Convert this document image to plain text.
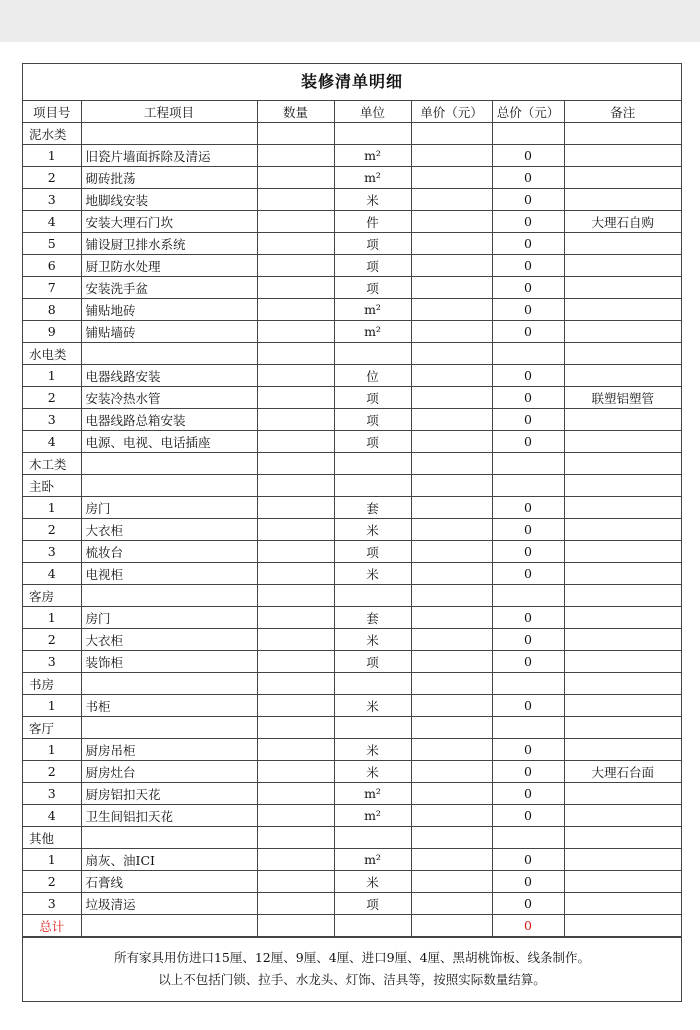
装修清单明细
项目号	工程项目	数量	单位	单价（元）	总价（元）	备注
泥水类						
1	旧瓷片墙面拆除及清运		m²		0	
2	砌砖批荡		m²		0	
3	地脚线安装		米		0	
4	安装大理石门坎		件		0	大理石自购
5	铺设厨卫排水系统		项		0	
6	厨卫防水处理		项		0	
7	安装洗手盆		项		0	
8	铺贴地砖		m²		0	
9	铺贴墙砖		m²		0	
水电类						
1	电器线路安装		位		0	
2	安装冷热水管		项		0	联塑铝塑管
3	电器线路总箱安装		项		0	
4	电源、电视、电话插座		项		0	
木工类						
主卧						
1	房门		套		0	
2	大衣柜		米		0	
3	梳妆台		项		0	
4	电视柜		米		0	
客房						
1	房门		套		0	
2	大衣柜		米		0	
3	装饰柜		项		0	
书房						
1	书柜		米		0	
客厅						
1	厨房吊柜		米		0	
2	厨房灶台		米		0	大理石台面
3	厨房铝扣天花		m²		0	
4	卫生间铝扣天花		m²		0	
其他						
1	扇灰、油ICI		m²		0	
2	石膏线		米		0	
3	垃圾清运		项		0	
总计					0	
所有家具用仿进口15厘、12厘、9厘、4厘、进口9厘、4厘、黑胡桃饰板、线条制作。
以上不包括门锁、拉手、水龙头、灯饰、洁具等，按照实际数量结算。
